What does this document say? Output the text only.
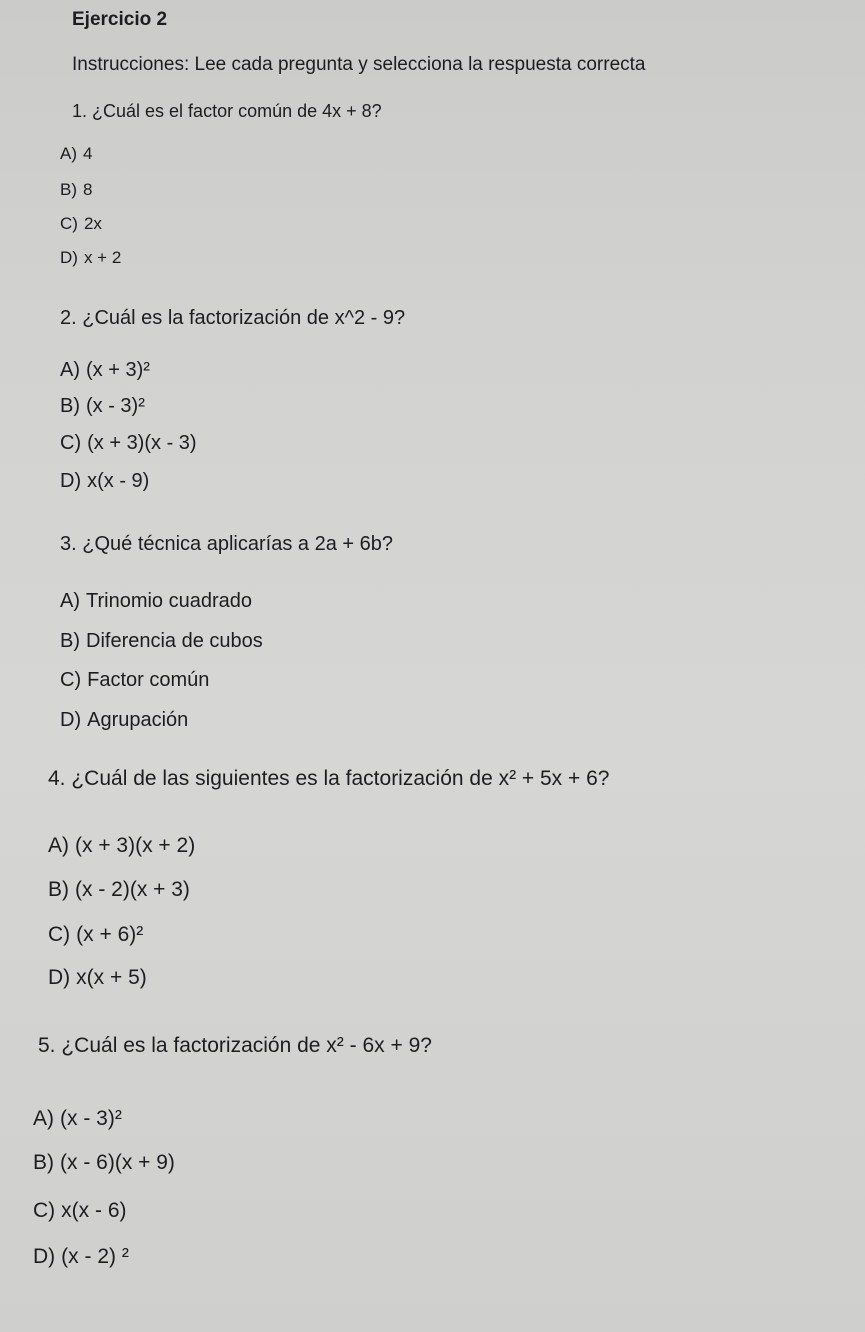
Ejercicio 2

Instrucciones: Lee cada pregunta y selecciona la respuesta correcta

1. ¿Cuál es el factor común de 4x + 8?

A) 4

B) 8

C) 2x

D) x + 2

2. ¿Cuál es la factorización de x^2 - 9?

A) (x + 3)²

B) (x - 3)²

C) (x + 3)(x - 3)

D) x(x - 9)

3. ¿Qué técnica aplicarías a 2a + 6b?

A) Trinomio cuadrado

B) Diferencia de cubos

C) Factor común

D) Agrupación

4. ¿Cuál de las siguientes es la factorización de x² + 5x + 6?

A) (x + 3)(x + 2)

B) (x - 2)(x + 3)

C) (x + 6)²

D) x(x + 5)

5. ¿Cuál es la factorización de x² - 6x + 9?

A) (x - 3)²

B) (x - 6)(x + 9)

C) x(x - 6)

D) (x - 2) ²
